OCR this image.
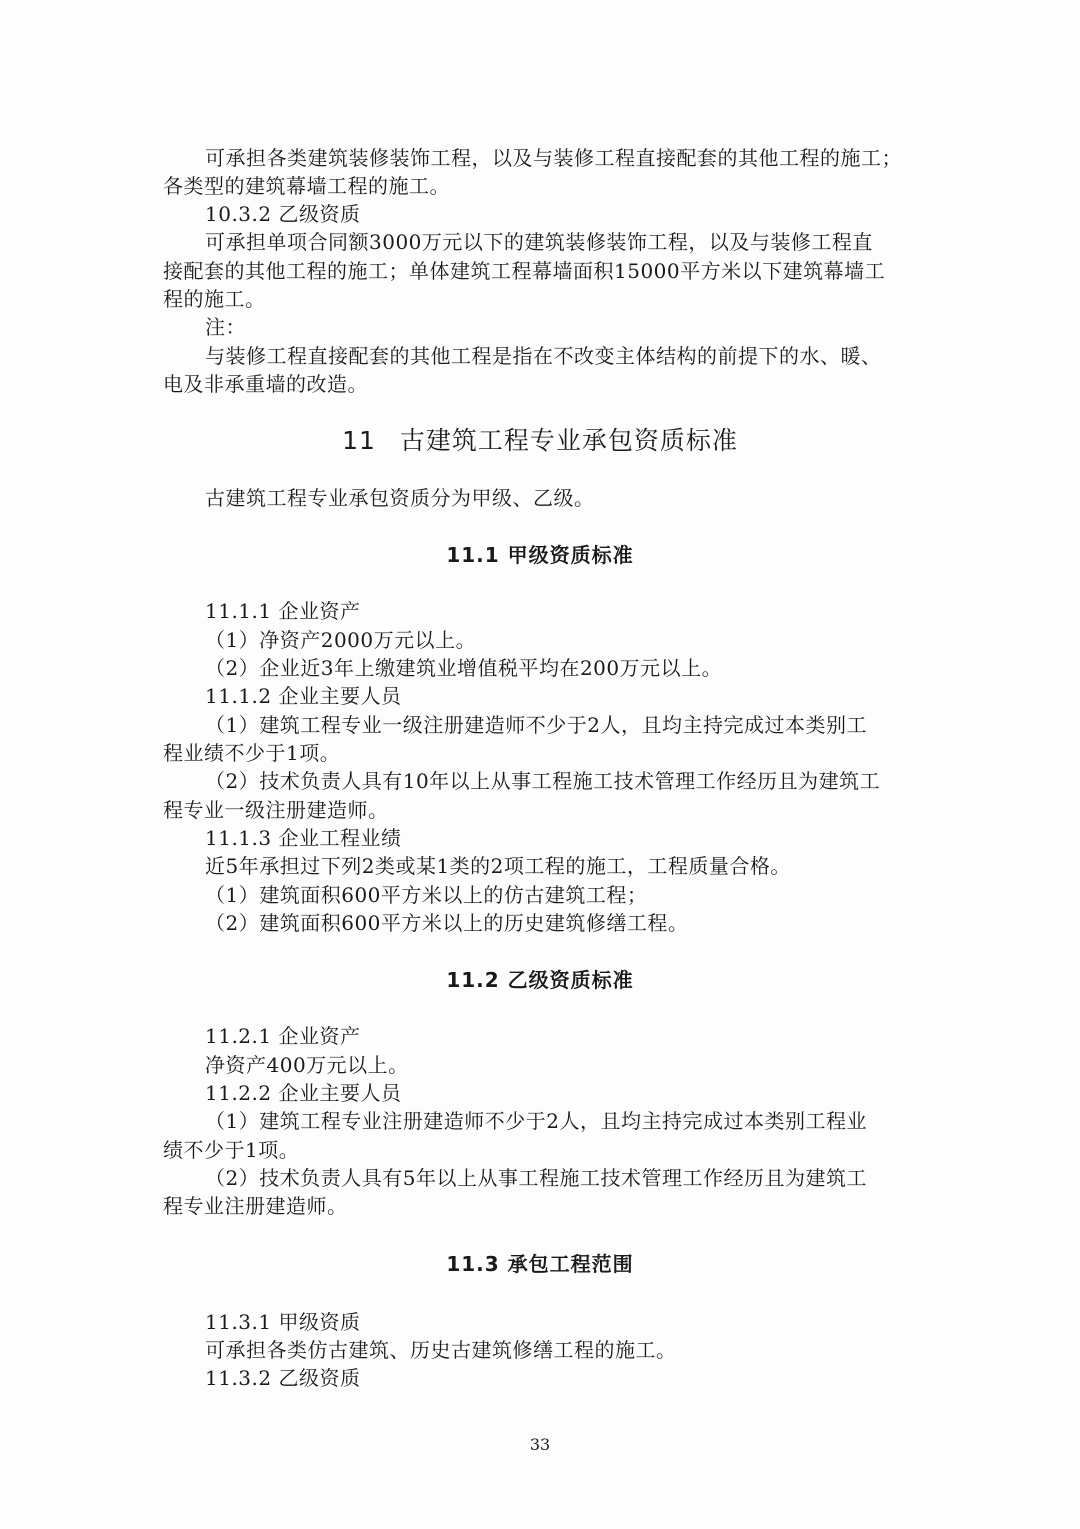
可承担各类建筑装修装饰工程，以及与装修工程直接配套的其他工程的施工；
各类型的建筑幕墙工程的施工。
10.3.2 乙级资质
可承担单项合同额3000万元以下的建筑装修装饰工程，以及与装修工程直
接配套的其他工程的施工；单体建筑工程幕墙面积15000平方米以下建筑幕墙工
程的施工。
注：
与装修工程直接配套的其他工程是指在不改变主体结构的前提下的水、暖、
电及非承重墙的改造。
11 古建筑工程专业承包资质标准
古建筑工程专业承包资质分为甲级、乙级。
11.1 甲级资质标准
11.1.1 企业资产
（1）净资产2000万元以上。
（2）企业近3年上缴建筑业增值税平均在200万元以上。
11.1.2 企业主要人员
（1）建筑工程专业一级注册建造师不少于2人，且均主持完成过本类别工
程业绩不少于1项。
（2）技术负责人具有10年以上从事工程施工技术管理工作经历且为建筑工
程专业一级注册建造师。
11.1.3 企业工程业绩
近5年承担过下列2类或某1类的2项工程的施工，工程质量合格。
（1）建筑面积600平方米以上的仿古建筑工程；
（2）建筑面积600平方米以上的历史建筑修缮工程。
11.2 乙级资质标准
11.2.1 企业资产
净资产400万元以上。
11.2.2 企业主要人员
（1）建筑工程专业注册建造师不少于2人，且均主持完成过本类别工程业
绩不少于1项。
（2）技术负责人具有5年以上从事工程施工技术管理工作经历且为建筑工
程专业注册建造师。
11.3 承包工程范围
11.3.1 甲级资质
可承担各类仿古建筑、历史古建筑修缮工程的施工。
11.3.2 乙级资质
33
